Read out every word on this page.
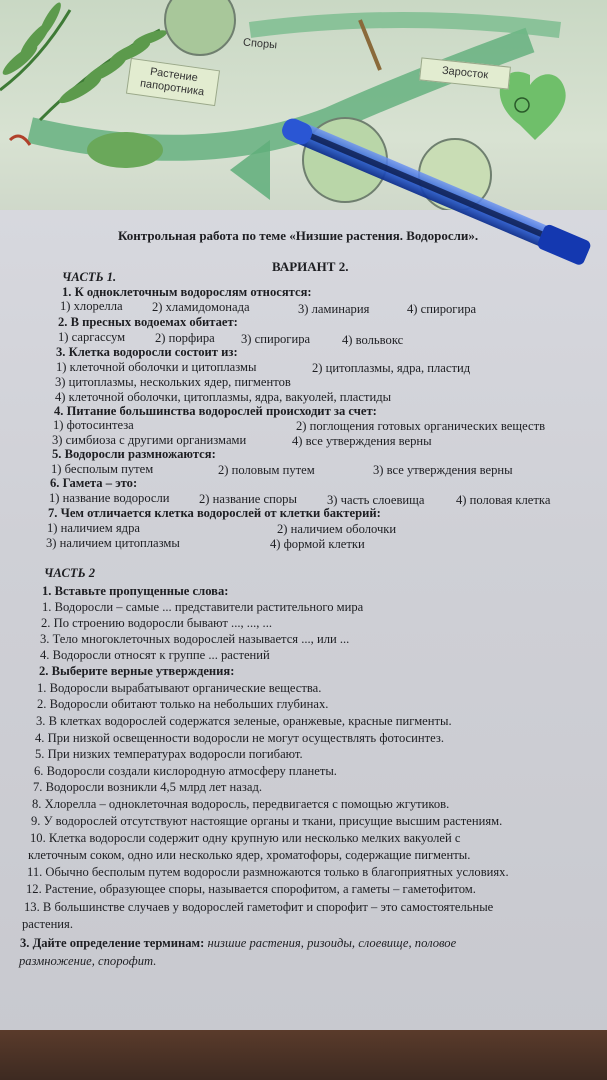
Споры
Растение папоротника
Заросток
Контрольная работа по теме «Низшие растения. Водоросли».
ВАРИАНТ 2.
ЧАСТЬ 1.
1. К одноклеточным водорослям относятся:
1) хлорелла 2) хламидомонада	3) ламинария	4) спирогира
2. В пресных водоемах обитает:
1) саргассум 2) порфира 3) спирогира	4) вольвокс
3. Клетка водоросли состоит из:
1) клеточной оболочки и цитоплазмы	2) цитоплазмы, ядра, пластид
3) цитоплазмы, нескольких ядер, пигментов
4) клеточной оболочки, цитоплазмы, ядра, вакуолей, пластиды
4. Питание большинства водорослей происходит за счет:
1) фотосинтеза	2) поглощения готовых органических веществ
3) симбиоза с другими организмами	4) все утверждения верны
5. Водоросли размножаются:
1) бесполым путем	2) половым путем	3) все утверждения верны
6. Гамета – это:
1) название водоросли 2) название споры 3) часть слоевища	4) половая клетка
7. Чем отличается клетка водорослей от клетки бактерий:
1) наличием ядра	2) наличием оболочки
3) наличием цитоплазмы	4) формой клетки
ЧАСТЬ 2
1. Вставьте пропущенные слова:
1. Водоросли – самые ... представители растительного мира
2. По строению водоросли бывают ..., ..., ...
3. Тело многоклеточных водорослей называется ..., или ...
4. Водоросли относят к группе ... растений
2. Выберите верные утверждения:
1. Водоросли вырабатывают органические вещества.
2. Водоросли обитают только на небольших глубинах.
3. В клетках водорослей содержатся зеленые, оранжевые, красные пигменты.
4. При низкой освещенности водоросли не могут осуществлять фотосинтез.
5. При низких температурах водоросли погибают.
6. Водоросли создали кислородную атмосферу планеты.
7. Водоросли возникли 4,5 млрд лет назад.
8. Хлорелла – одноклеточная водоросль, передвигается с помощью жгутиков.
9. У водорослей отсутствуют настоящие органы и ткани, присущие высшим растениям.
10. Клетка водоросли содержит одну крупную или несколько мелких вакуолей с
клеточным соком, одно или несколько ядер, хроматофоры, содержащие пигменты.
11. Обычно бесполым путем водоросли размножаются только в благоприятных условиях.
12. Растение, образующее споры, называется спорофитом, а гаметы – гаметофитом.
13. В большинстве случаев у водорослей гаметофит и спорофит – это самостоятельные
растения.
3. Дайте определение терминам: низшие растения, ризоиды, слоевище, половое
размножение, спорофит.
